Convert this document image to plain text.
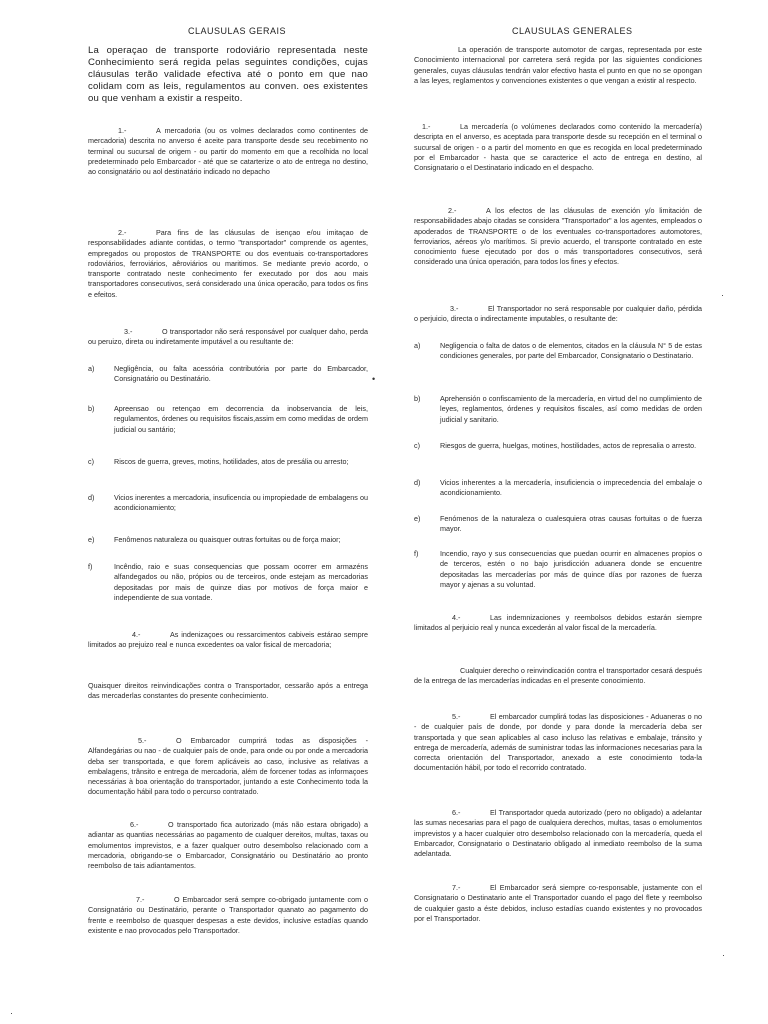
CLAUSULAS GERAIS
La operaçao de transporte rodoviário representada neste Conhecimiento será regida pelas seguintes condições, cujas cláusulas terão validade efectiva até o ponto em que nao colidam com as leis, regulamentos au conven. oes existentes ou que venham a existir a respeito.
1.-	A mercadoria (ou os volmes declarados como continentes de mercadoria) descrita no anverso é aceite para transporte desde seu recebimento no terminal ou sucursal de origem - ou partir do momento em que a recolhida no local predeterminado pelo Embarcador - até que se catarterize o ato de entrega no destino, ao consignatário ou aol destinatário indicado no depacho
2.-	Para fins de las cláusulas de isençao e/ou imitaçao de responsabilidades adiante contidas, o termo "transportador" comprende os agentes, empregados ou propostos de TRANSPORTE ou dos eventuais co-transportadores rodoviários, ferroviários, aêroviários ou maritimos. Se mediante previo acordo, o transporte contratado neste conhecimento fer executado por dos aou mais transportadores consecutivos, será considerado una única operacão, para todos os fins e efeitos.
3.-	O transportador não será responsável por cualquer daho, perda ou peruizo, direta ou indiretamente imputável a ou resultante de:
a)	Negligência, ou falta acessória contributória por parte do Embarcador, Consignatário ou Destinatário.
b)	Apreensao ou retençao em decorrencia da inobservancia de leis, regulamentos, órdenes ou requisitos fiscais,assim em como medidas de ordem judicial ou santário;
c)	Riscos de guerra, greves, motins, hotilidades, atos de presália ou arresto;
d)	Vicios inerentes a mercadoria, insuficencia ou impropiedade de embalagens ou acondicionamiento;
e)	Fenômenos naturaleza ou quaisquer outras fortuitas ou de força maior;
f)	Incêndio, raio e suas consequencias que possam ocorrer em armazéns alfandegados ou não, própios ou de terceiros, onde estejam as mercadorias depositadas por mais de quinze dias por motivos de força maior e independiente de sua vontade.
4.-	As indenizaçoes ou ressarcimentos cabiveis estárao sempre limitados ao prejuizo real e nunca excedentes oa valor fisical de mercadoria;
Quaisquer direitos reinvindicações contra o Transportador, cessarão após a entrega das mercaderlas constantes do presente conhecimiento.
5.-	O Embarcador cumprirá todas as disposições - Alfandegárias ou nao - de cualquier país de onde, para onde ou por onde a mercadoria deba ser transportada, e que forem aplicáveis ao caso, inclusive as relativas a embalagens, trânsito e entrega de mercadoria, além de forcener todas as informaçoes necessárias à boa orientação do transportador, juntando a este Conhecimento toda la documentação hábil para todo o percurso contratado.
6.-	O transportado fica autorizado (más não estara obrigado) a adiantar as quantias necessárias ao pagamento de cualquer dereitos, multas, taxas ou emolumentos imprevistos, e a fazer qualquer outro desembolso relacionado com a mercadoria, obrigando-se o Embarcador, Consignatário ou Destinatário ao pronto reembolso de tais adiantamentos.
7.-	O Embarcador será sempre co-obrigado juntamente com o Consignatário ou Destinatário, perante o Transportador quanato ao pagamento do frente e reembolso de quasquer despesas a este devidos, inclusive estadías quando existente e nao provocados pelo Transportador.
CLAUSULAS GENERALES
La operación de transporte automotor de cargas, representada por este Conocimiento internacional por carretera será regida por las siguientes condiciones generales, cuyas cláusulas tendrán valor efectivo hasta el punto en que no se opongan a las leyes, reglamentos y convenciones existentes o que vengan a existir al respecto.
1.-	La mercadería (o volúmenes declarados como contenido la mercadería) descripta en el anverso, es aceptada para transporte desde su recepción en el terminal o sucursal de origen - o a partir del momento en que es recogida en local predeterminado por el Embarcador - hasta que se caracterice el acto de entrega en destino, al Consignatario o el Destinatario indicado en el despacho.
2.-	A los efectos de las cláusulas de exención y/o limitación de responsabilidades abajo citadas se considera "Transportador" a los agentes, empleados o apoderados de TRANSPORTE o de los eventuales co-transportadores automotores, ferroviarios, aéreos y/o marítimos. Si previo acuerdo, el transporte contratado en este conocimiento fuese ejecutado por dos o más transportadores consecutivos, será considerado una única operación, para todos los fines y efectos.
3.-	El Transportador no será responsable por cualquier daño, pérdida o perjuicio, directa o indirectamente imputables, o resultante de:
a)	Negligencia o falta de datos o de elementos, citados en la cláusula N° 5 de estas condiciones generales, por parte del Embarcador, Consignatario o Destinatario.
b)	Aprehensión o confiscamiento de la mercadería, en virtud del no cumplimiento de leyes, reglamentos, órdenes y requisitos fiscales, así como medidas de orden judicial y sanitario.
c)	Riesgos de guerra, huelgas, motines, hostilidades, actos de represalia o arresto.
d)	Vicios inherentes a la mercadería, insuficiencia o imprecedencia del embalaje o acondicionamiento.
e)	Fenómenos de la naturaleza o cualesquiera otras causas fortuitas o de fuerza mayor.
f)	Incendio, rayo y sus consecuencias que puedan ocurrir en almacenes propios o de terceros, estén o no bajo jurisdicción aduanera donde se encuentre depositadas las mercaderías por más de quince días por razones de fuerza mayor y ajenas a su voluntad.
4.-	Las indemnizaciones y reembolsos debidos estarán siempre limitados al perjuicio real y nunca excederán al valor fiscal de la mercadería.
Cualquier derecho o reinvindicación contra el transportador cesará después de la entrega de las mercaderías indicadas en el presente conocimiento.
5.-	El embarcador cumplirá todas las disposiciones - Aduaneras o no - de cualquier país de donde, por donde y para donde la mercadería deba ser transportada y que sean aplicables al caso incluso las relativas e embalaje, tránsito y entrega de mercadería, además de suministrar todas las informaciones necesarias para la correcta orientación del Transportador, anexado a este conocimiento toda-la documentación hábil, por todo el recorrido contratado.
6.-	El Transportador queda autorizado (pero no obligado) a adelantar las sumas necesarias para el pago de cualquiera derechos, multas, tasas o emolumentos imprevistos y a hacer cualquier otro desembolso relacionado con la mercadería, queda el Embarcador, Consignatario o Destinatario obligado al inmediato reembolso de la suma adelantada.
7.-	El Embarcador será siempre co-responsable, justamente con el Consignatario o Destinatario ante el Transportador cuando el pago del flete y reembolso de cualquier gasto a éste debidos, incluso estadías cuando existentes y no provocados por el Transportador.
•
·
·
·
